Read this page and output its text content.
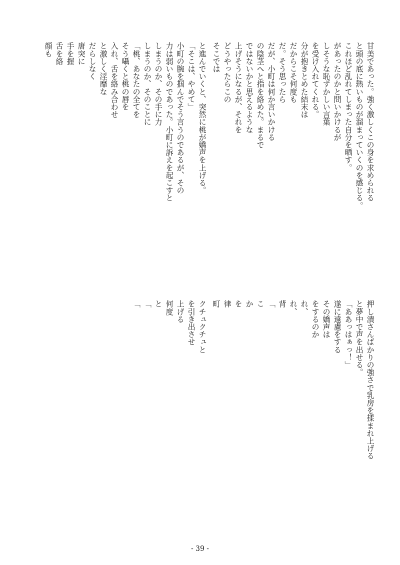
甘美であった。強く激しくこの身を求められる
と頭の底に熱いものが溜まっていくのを感じる。
これほど乱れてしまった自分を晒す。
があったのかと問いかけるが
しそうな恥ずかしい言葉
を受け入れてくれる。
分が抱きとめた結末は
だからこそ何度も
だ。そう思ったら
だが、小町は何か言いかける
の陰茎へと指を絡めた。まるで
ではないかと思えるような
上げそうになるが、それを
どうやったらこの
そこでは
と進んでいくと、突然に桃が嬌声を上げる。
「そこは、やめて」
小町の腕を掴んでそう言うのであるが、その
力は弱いものであった。小町に訴えを起こすと
しまうのか、その手に力
しまうのか、そのことに
「桃、あなたの全てを
そう囁くと桃の唇を
入れ、舌を絡み合わせ
と激しく淫靡な
だらしなく
唐突に
手を握
舌を絡
顔も
押し潰さんばかりの強さで乳房を揉まれ上げる
と夢中で声を出せる。
「ああっはぁっ！」
遂に遠慮をする
その嬌声は
をするのか
れ、
れ、
背
「
こ
か
を
律
町
クチュクチュと
を引き出させ
上げる
何度
と
「
「
- 39 -
